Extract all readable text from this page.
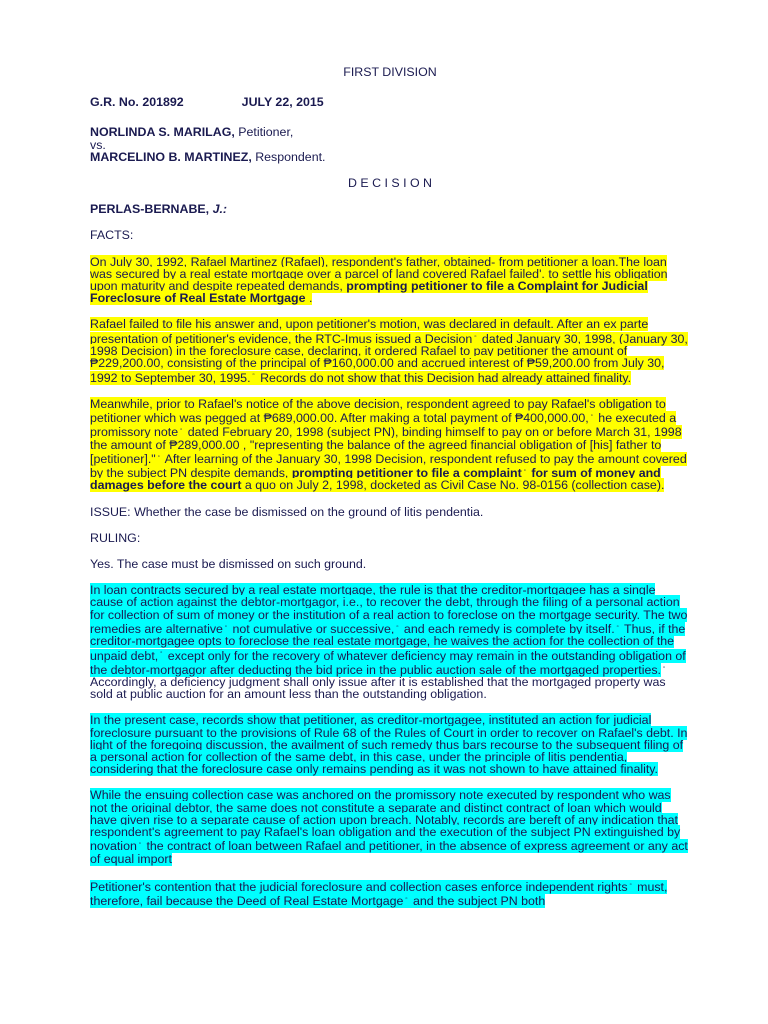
FIRST DIVISION
G.R. No. 201892	JULY 22, 2015
NORLINDA S. MARILAG, Petitioner,
vs.
MARCELINO B. MARTINEZ, Respondent.
D E C I S I O N
PERLAS-BERNABE, J.:
FACTS:

On July 30, 1992, Rafael Martinez (Rafael), respondent's father, obtained- from petitioner a loan.The loan was secured by a real estate mortgage over a parcel of land covered Rafael failed'. to settle his obligation upon maturity and despite repeated demands, prompting petitioner to file a Complaint for Judicial Foreclosure of Real Estate Mortgage .

Rafael failed to file his answer and, upon petitioner's motion, was declared in default. After an ex parte presentation of petitioner's evidence, the RTC-Imus issued a Decision ▫ dated January 30, 1998, (January 30, 1998 Decision) in the foreclosure case, declaring, it ordered Rafael to pay petitioner the amount of ₱229,200.00, consisting of the principal of ₱160,000.00 and accrued interest of ₱59,200.00 from July 30, 1992 to September 30, 1995. ▫ Records do not show that this Decision had already attained finality.

Meanwhile, prior to Rafael's notice of the above decision, respondent agreed to pay Rafael's obligation to petitioner which was pegged at ₱689,000.00. After making a total payment of ₱400,000.00, ▫ he executed a promissory note ▫ dated February 20, 1998 (subject PN), binding himself to pay on or before March 31, 1998 the amount of ₱289,000.00 , "representing the balance of the agreed financial obligation of [his] father to [petitioner]." ▫ After learning of the January 30, 1998 Decision, respondent refused to pay the amount covered by the subject PN despite demands, prompting petitioner to file a complaint ▫ for sum of money and damages before the court a quo on July 2, 1998, docketed as Civil Case No. 98-0156 (collection case).

ISSUE: Whether the case be dismissed on the ground of litis pendentia.
RULING:
Yes. The case must be dismissed on such ground.

In loan contracts secured by a real estate mortgage, the rule is that the creditor-mortgagee has a single cause of action against the debtor-mortgagor, i.e., to recover the debt, through the filing of a personal action for collection of sum of money or the institution of a real action to foreclose on the mortgage security. The two remedies are alternative ▫ not cumulative or successive, ▫ and each remedy is complete by itself. ▫ Thus, if the creditor-mortgagee opts to foreclose the real estate mortgage, he waives the action for the collection of the unpaid debt, ▫ except only for the recovery of whatever deficiency may remain in the outstanding obligation of the debtor-mortgagor after deducting the bid price in the public auction sale of the mortgaged properties. ▫ Accordingly, a deficiency judgment shall only issue after it is established that the mortgaged property was sold at public auction for an amount less than the outstanding obligation.

In the present case, records show that petitioner, as creditor-mortgagee, instituted an action for judicial foreclosure pursuant to the provisions of Rule 68 of the Rules of Court in order to recover on Rafael's debt. In light of the foregoing discussion, the availment of such remedy thus bars recourse to the subsequent filing of a personal action for collection of the same debt, in this case, under the principle of litis pendentia, considering that the foreclosure case only remains pending as it was not shown to have attained finality.

While the ensuing collection case was anchored on the promissory note executed by respondent who was not the original debtor, the same does not constitute a separate and distinct contract of loan which would have given rise to a separate cause of action upon breach. Notably, records are bereft of any indication that respondent's agreement to pay Rafael's loan obligation and the execution of the subject PN extinguished by novation ▫ the contract of loan between Rafael and petitioner, in the absence of express agreement or any act of equal import

Petitioner's contention that the judicial foreclosure and collection cases enforce independent rights ▫ must, therefore, fail because the Deed of Real Estate Mortgage ▫ and the subject PN both
